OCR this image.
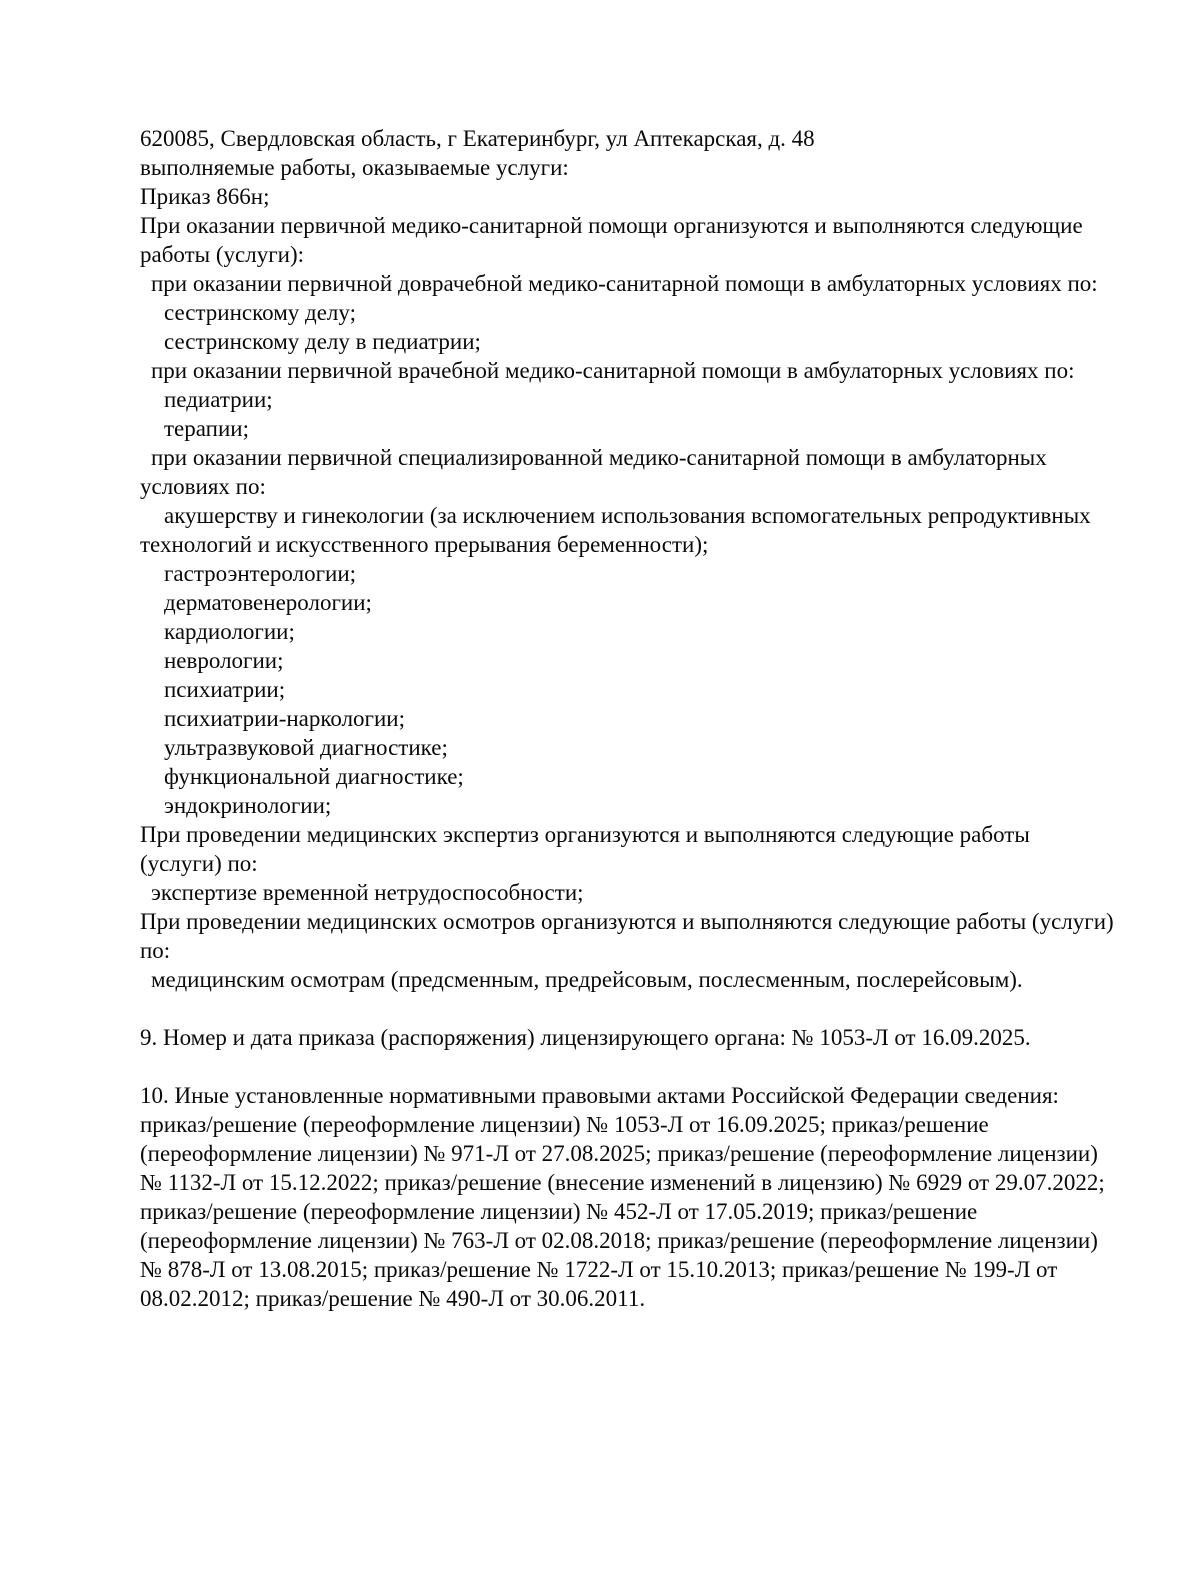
620085, Свердловская область, г Екатеринбург, ул Аптекарская, д. 48

выполняемые работы, оказываемые услуги:

Приказ 866н;

При оказании первичной медико-санитарной помощи организуются и выполняются следующие работы (услуги):

при оказании первичной доврачебной медико-санитарной помощи в амбулаторных условиях по:

сестринскому делу;

сестринскому делу в педиатрии;

при оказании первичной врачебной медико-санитарной помощи в амбулаторных условиях по:

педиатрии;

терапии;

при оказании первичной специализированной медико-санитарной помощи в амбулаторных условиях по:

акушерству и гинекологии (за исключением использования вспомогательных репродуктивных технологий и искусственного прерывания беременности);

гастроэнтерологии;

дерматовенерологии;

кардиологии;

неврологии;

психиатрии;

психиатрии-наркологии;

ультразвуковой диагностике;

функциональной диагностике;

эндокринологии;

При проведении медицинских экспертиз организуются и выполняются следующие работы (услуги) по:

экспертизе временной нетрудоспособности;

При проведении медицинских осмотров организуются и выполняются следующие работы (услуги) по:

медицинским осмотрам (предсменным, предрейсовым, послесменным, послерейсовым).

9. Номер и дата приказа (распоряжения) лицензирующего органа: № 1053-Л от 16.09.2025.

10. Иные установленные нормативными правовыми актами Российской Федерации сведения: приказ/решение (переоформление лицензии) № 1053-Л от 16.09.2025; приказ/решение (переоформление лицензии) № 971-Л от 27.08.2025; приказ/решение (переоформление лицензии) № 1132-Л от 15.12.2022; приказ/решение (внесение изменений в лицензию) № 6929 от 29.07.2022; приказ/решение (переоформление лицензии) № 452-Л от 17.05.2019; приказ/решение (переоформление лицензии) № 763-Л от 02.08.2018; приказ/решение (переоформление лицензии) № 878-Л от 13.08.2015; приказ/решение № 1722-Л от 15.10.2013; приказ/решение № 199-Л от 08.02.2012; приказ/решение № 490-Л от 30.06.2011.
